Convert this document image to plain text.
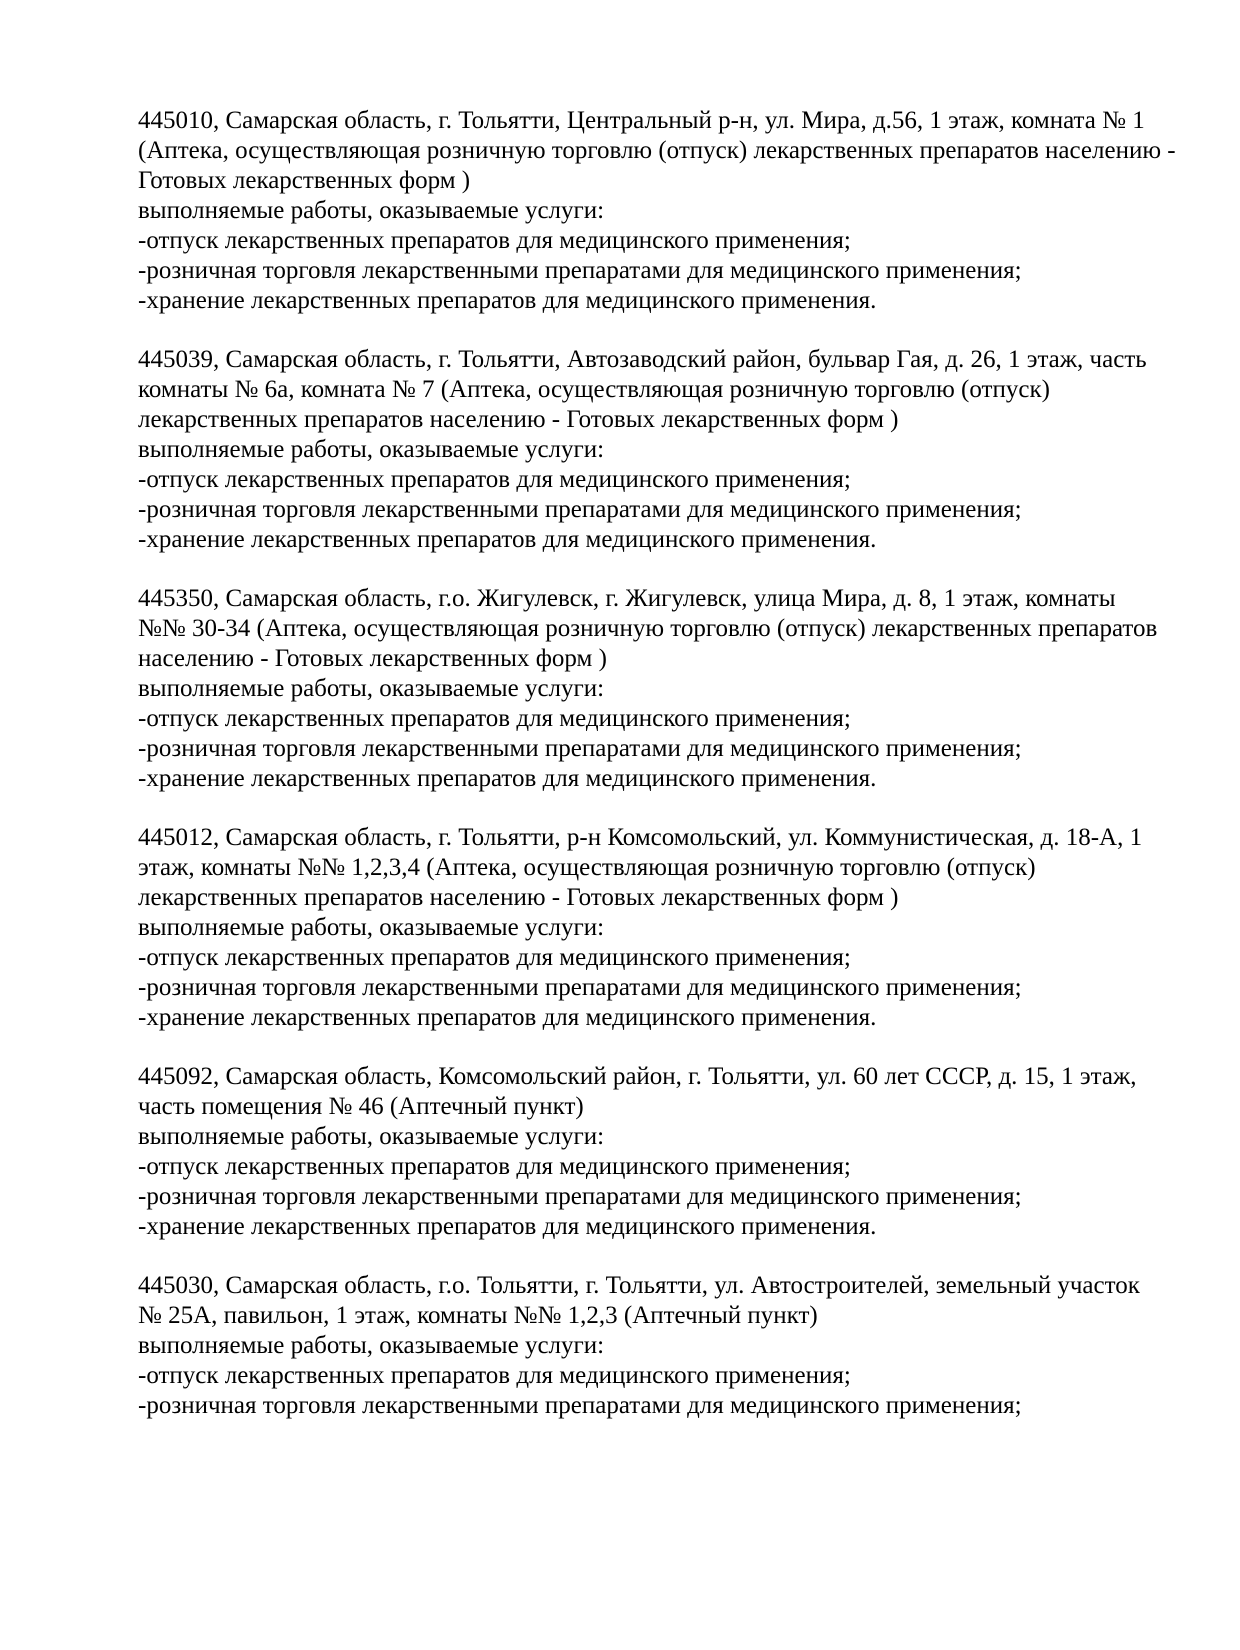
445010, Самарская область, г. Тольятти, Центральный р-н, ул. Мира, д.56, 1 этаж, комната № 1
(Аптека, осуществляющая розничную торговлю (отпуск) лекарственных препаратов населению -
Готовых лекарственных форм )
выполняемые работы, оказываемые услуги:
-отпуск лекарственных препаратов для медицинского применения;
-розничная торговля лекарственными препаратами для медицинского применения;
-хранение лекарственных препаратов для медицинского применения.
445039, Самарская область, г. Тольятти, Автозаводский район, бульвар Гая, д. 26, 1 этаж, часть
комнаты № 6а, комната № 7 (Аптека, осуществляющая розничную торговлю (отпуск)
лекарственных препаратов населению - Готовых лекарственных форм )
выполняемые работы, оказываемые услуги:
-отпуск лекарственных препаратов для медицинского применения;
-розничная торговля лекарственными препаратами для медицинского применения;
-хранение лекарственных препаратов для медицинского применения.
445350, Самарская область, г.о. Жигулевск, г. Жигулевск, улица Мира, д. 8, 1 этаж, комнаты
№№ 30-34 (Аптека, осуществляющая розничную торговлю (отпуск) лекарственных препаратов
населению - Готовых лекарственных форм )
выполняемые работы, оказываемые услуги:
-отпуск лекарственных препаратов для медицинского применения;
-розничная торговля лекарственными препаратами для медицинского применения;
-хранение лекарственных препаратов для медицинского применения.
445012, Самарская область, г. Тольятти, р-н Комсомольский, ул. Коммунистическая, д. 18-А, 1
этаж, комнаты №№ 1,2,3,4 (Аптека, осуществляющая розничную торговлю (отпуск)
лекарственных препаратов населению - Готовых лекарственных форм )
выполняемые работы, оказываемые услуги:
-отпуск лекарственных препаратов для медицинского применения;
-розничная торговля лекарственными препаратами для медицинского применения;
-хранение лекарственных препаратов для медицинского применения.
445092, Самарская область, Комсомольский район, г. Тольятти, ул. 60 лет СССР, д. 15, 1 этаж,
часть помещения № 46 (Аптечный пункт)
выполняемые работы, оказываемые услуги:
-отпуск лекарственных препаратов для медицинского применения;
-розничная торговля лекарственными препаратами для медицинского применения;
-хранение лекарственных препаратов для медицинского применения.
445030, Самарская область, г.о. Тольятти, г. Тольятти, ул. Автостроителей, земельный участок
№ 25А, павильон, 1 этаж, комнаты №№ 1,2,3 (Аптечный пункт)
выполняемые работы, оказываемые услуги:
-отпуск лекарственных препаратов для медицинского применения;
-розничная торговля лекарственными препаратами для медицинского применения;
